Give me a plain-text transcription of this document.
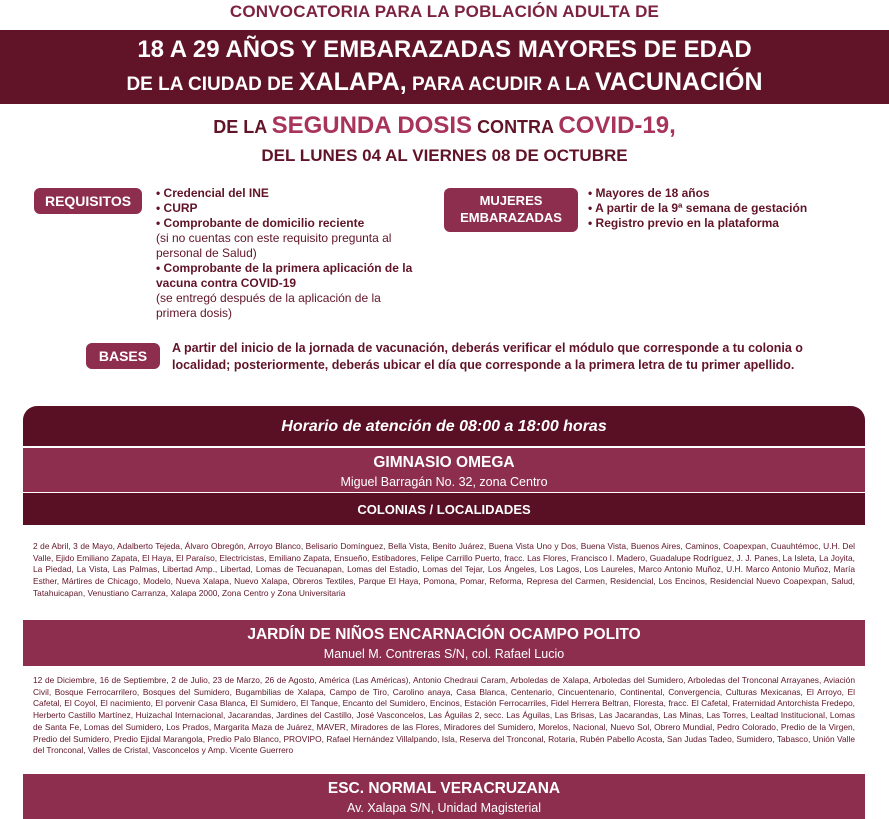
CONVOCATORIA PARA LA POBLACIÓN ADULTA DE
18 A 29 AÑOS Y EMBARAZADAS MAYORES DE EDAD
DE LA CIUDAD DE XALAPA, PARA ACUDIR A LA VACUNACIÓN
DE LA SEGUNDA DOSIS CONTRA COVID-19,
DEL LUNES 04 AL VIERNES 08 DE OCTUBRE
REQUISITOS	• Credencial del INE
• CURP
• Comprobante de domicilio reciente
(si no cuentas con este requisito pregunta al personal de Salud)
• Comprobante de la primera aplicación de la vacuna contra COVID-19
(se entregó después de la aplicación de la primera dosis)
MUJERES
EMBARAZADAS
• Mayores de 18 años
• A partir de la 9ª semana de gestación
• Registro previo en la plataforma
BASES	A partir del inicio de la jornada de vacunación, deberás verificar el módulo que corresponde a tu colonia o localidad; posteriormente, deberás ubicar el día que corresponde a la primera letra de tu primer apellido.
Horario de atención de 08:00 a 18:00 horas
GIMNASIO OMEGA
Miguel Barragán No. 32, zona Centro
COLONIAS / LOCALIDADES
2 de Abril, 3 de Mayo, Adalberto Tejeda, Álvaro Obregón, Arroyo Blanco, Belisario Domínguez, Bella Vista, Benito Juárez, Buena Vista Uno y Dos, Buena Vista, Buenos Aires, Caminos, Coapexpan, Cuauhtémoc, U.H. Del Valle, Ejido Emiliano Zapata, El Haya, El Paraíso, Electricistas, Emiliano Zapata, Ensueño, Estibadores, Felipe Carrillo Puerto, fracc. Las Flores, Francisco I. Madero, Guadalupe Rodríguez, J. J. Panes, La Isleta, La Joyita, La Piedad, La Vista, Las Palmas, Libertad Amp., Libertad, Lomas de Tecuanapan, Lomas del Estadio, Lomas del Tejar, Los Ángeles, Los Lagos, Los Laureles, Marco Antonio Muñoz, U.H. Marco Antonio Muñoz, María Esther, Mártires de Chicago, Modelo, Nueva Xalapa, Nuevo Xalapa, Obreros Textiles, Parque El Haya, Pomona, Pomar, Reforma, Represa del Carmen, Residencial, Los Encinos, Residencial Nuevo Coapexpan, Salud, Tatahuicapan, Venustiano Carranza, Xalapa 2000, Zona Centro y Zona Universitaria
JARDÍN DE NIÑOS ENCARNACIÓN OCAMPO POLITO
Manuel M. Contreras S/N, col. Rafael Lucio
12 de Diciembre, 16 de Septiembre, 2 de Julio, 23 de Marzo, 26 de Agosto, América (Las Américas), Antonio Chedraui Caram, Arboledas de Xalapa, Arboledas del Sumidero, Arboledas del Tronconal Arrayanes, Aviación Civil, Bosque Ferrocarrilero, Bosques del Sumidero, Bugambilias de Xalapa, Campo de Tiro, Carolino anaya, Casa Blanca, Centenario, Cincuentenario, Continental, Convergencia, Culturas Mexicanas, El Arroyo, El Cafetal, El Coyol, El nacimiento, El porvenir Casa Blanca, El Sumidero, El Tanque, Encanto del Sumidero, Encinos, Estación Ferrocarriles, Fidel Herrera Beltran, Floresta, fracc. El Cafetal, Fraternidad Antorchista Fredepo, Herberto Castillo Martínez, Huizachal Internacional, Jacarandas, Jardines del Castillo, José Vasconcelos, Las Águilas 2, secc. Las Águilas, Las Brisas, Las Jacarandas, Las Minas, Las Torres, Lealtad Institucional, Lomas de Santa Fe, Lomas del Sumidero, Los Prados, Margarita Maza de Juárez, MAVER, Miradores de las Flores, Miradores del Sumidero, Morelos, Nacional, Nuevo Sol, Obrero Mundial, Pedro Colorado, Predio de la Virgen, Predio del Sumidero, Predio Ejidal Marangola, Predio Palo Blanco, PROVIPO, Rafael Hernández Villalpando, Isla, Reserva del Tronconal, Rotaria, Rubén Pabello Acosta, San Judas Tadeo, Sumidero, Tabasco, Unión Valle del Tronconal, Valles de Cristal, Vasconcelos y Amp. Vicente Guerrero
ESC. NORMAL VERACRUZANA
Av. Xalapa S/N, Unidad Magisterial
